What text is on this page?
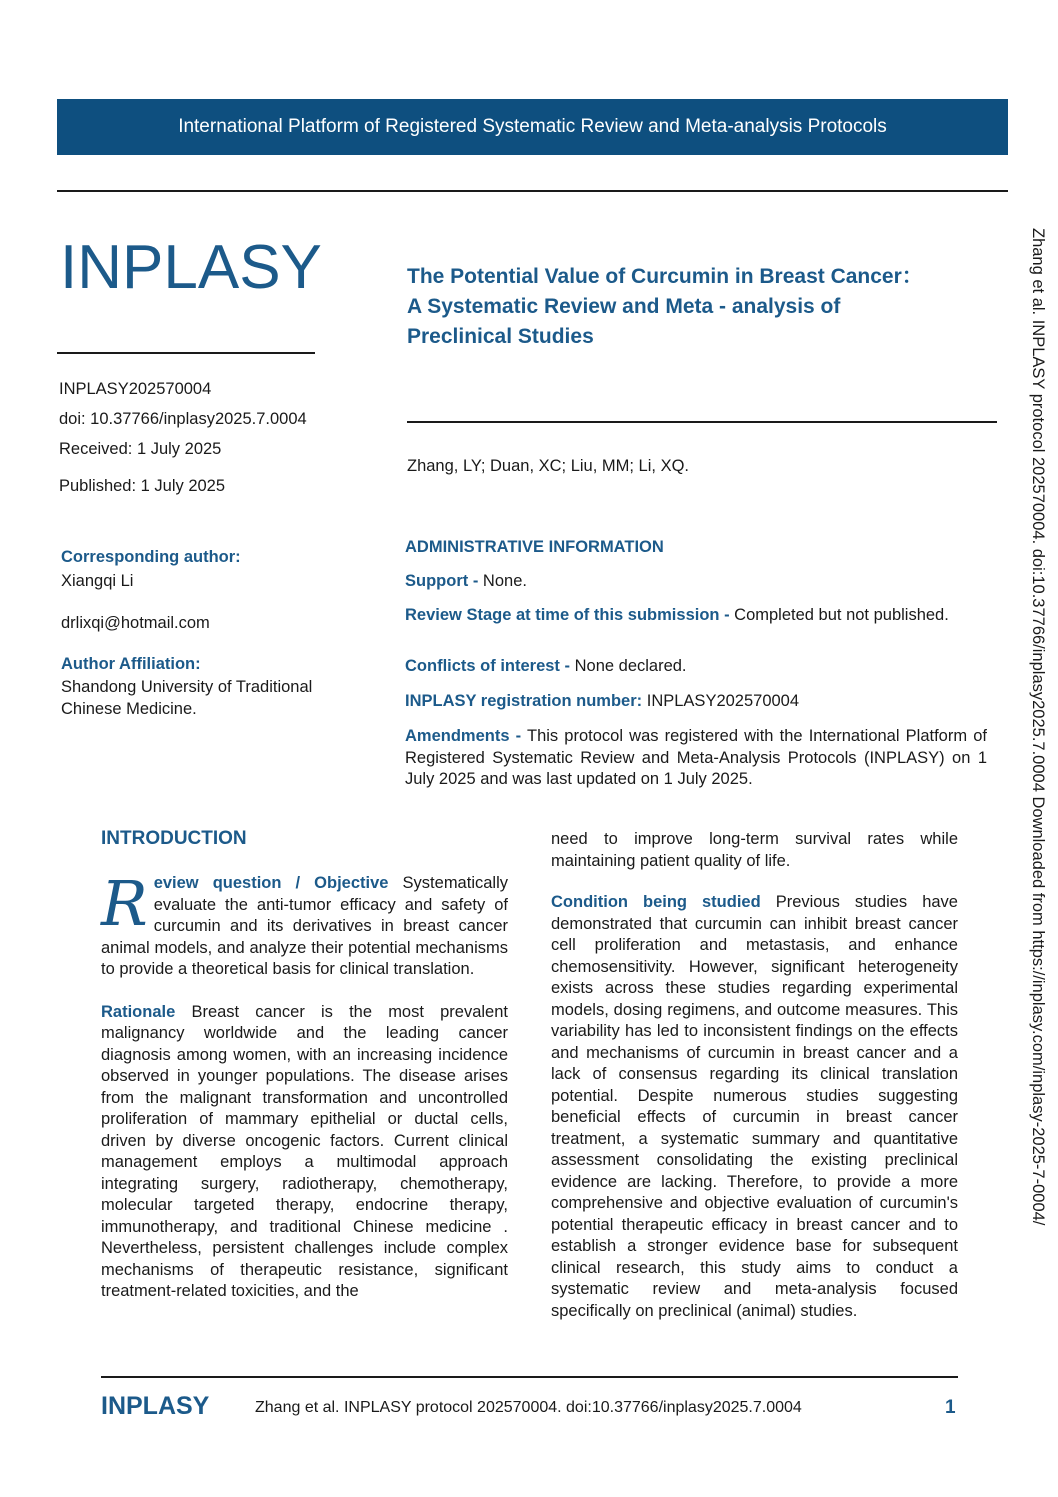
International Platform of Registered Systematic Review and Meta-analysis Protocols
INPLASY	The Potential Value of Curcumin in Breast Cancer：
A Systematic Review and Meta - analysis of
Preclinical Studies
INPLASY202570004
doi: 10.37766/inplasy2025.7.0004
Received: 1 July 2025
Published: 1 July 2025
Zhang, LY; Duan, XC; Liu, MM; Li, XQ.
Corresponding author:
Xiangqi Li
drlixqi@hotmail.com
Author Affiliation:
Shandong University of Traditional
Chinese Medicine.
ADMINISTRATIVE INFORMATION
Support - None.
Review Stage at time of this submission - Completed but not published.
Conflicts of interest - None declared.
INPLASY registration number: INPLASY202570004
Amendments - This protocol was registered with the International Platform of Registered Systematic Review and Meta-Analysis Protocols (INPLASY) on 1 July 2025 and was last updated on 1 July 2025.
INTRODUCTION

R eview question / Objective Systematically evaluate the anti-tumor efficacy and safety of curcumin and its derivatives in breast cancer animal models, and analyze their potential mechanisms to provide a theoretical basis for clinical translation.

Rationale Breast cancer is the most prevalent malignancy worldwide and the leading cancer diagnosis among women, with an increasing incidence observed in younger populations. The disease arises from the malignant transformation and uncontrolled proliferation of mammary epithelial or ductal cells, driven by diverse oncogenic factors. Current clinical management employs a multimodal approach integrating surgery, radiotherapy, chemotherapy, molecular targeted therapy, endocrine therapy, immunotherapy, and traditional Chinese medicine . Nevertheless, persistent challenges include complex mechanisms of therapeutic resistance, significant treatment-related toxicities, and the

need to improve long-term survival rates while maintaining patient quality of life.

Condition being studied Previous studies have demonstrated that curcumin can inhibit breast cancer cell proliferation and metastasis, and enhance chemosensitivity. However, significant heterogeneity exists across these studies regarding experimental models, dosing regimens, and outcome measures. This variability has led to inconsistent findings on the effects and mechanisms of curcumin in breast cancer and a lack of consensus regarding its clinical translation potential. Despite numerous studies suggesting beneficial effects of curcumin in breast cancer treatment, a systematic summary and quantitative assessment consolidating the existing preclinical evidence are lacking. Therefore, to provide a more comprehensive and objective evaluation of curcumin's potential therapeutic efficacy in breast cancer and to establish a stronger evidence base for subsequent clinical research, this study aims to conduct a systematic review and meta-analysis focused specifically on preclinical (animal) studies.

INPLASY	Zhang et al. INPLASY protocol 202570004. doi:10.37766/inplasy2025.7.0004	1
Zhang et al. INPLASY protocol 202570004. doi:10.37766/inplasy2025.7.0004 Downloaded from https://inplasy.com/inplasy-2025-7-0004/
